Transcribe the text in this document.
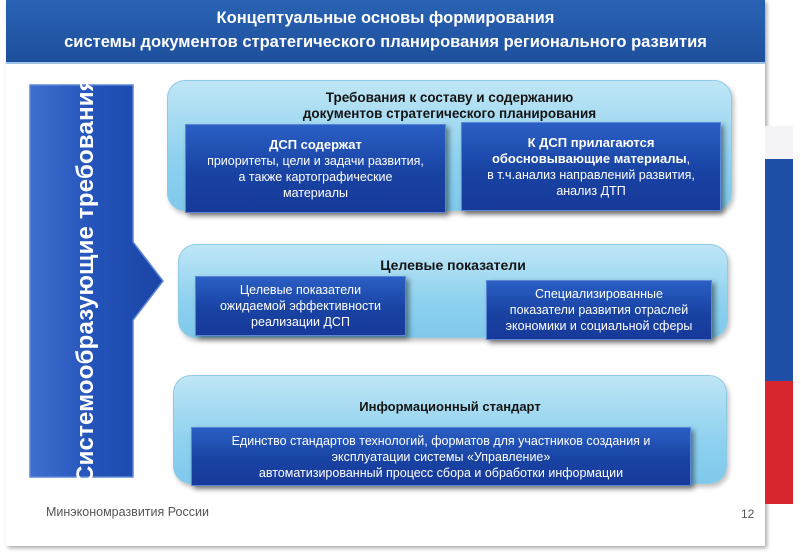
Концептуальные основы формирования
системы документов стратегического планирования регионального развития
Системообразующие требования	Требования к составу и содержанию
документов стратегического планирования
ДСП содержат
приоритеты, цели и задачи развития,
а также картографические
материалы
К ДСП прилагаются
обосновывающие материалы,
в т.ч.анализ направлений развития,
анализ ДТП
Целевые показатели
Целевые показатели
ожидаемой эффективности
реализации ДСП
Специализированные
показатели развития отраслей
экономики и социальной сферы
Информационный стандарт
Единство стандартов технологий, форматов для участников создания и
эксплуатации системы «Управление»
автоматизированный процесс сбора и обработки информации
Минэкономразвития России	12
